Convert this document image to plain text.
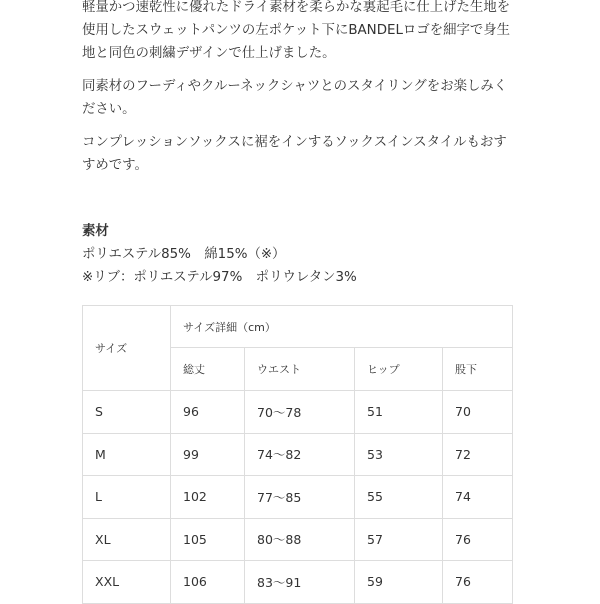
軽量かつ速乾性に優れたドライ素材を柔らかな裏起毛に仕上げた生地を使用したスウェットパンツの左ポケット下にBANDELロゴを細字で身生地と同色の刺繍デザインで仕上げました。

同素材のフーディやクルーネックシャツとのスタイリングをお楽しみください。

コンプレッションソックスに裾をインするソックスインスタイルもおすすめです。

素材
ポリエステル85%　綿15%（※）
※リブ：ポリエステル97%　ポリウレタン3%
サイズ	サイズ詳細（cm）			
	総丈	ウエスト	ヒップ	股下
S	96	70～78	51	70
M	99	74～82	53	72
L	102	77～85	55	74
XL	105	80～88	57	76
XXL	106	83～91	59	76
